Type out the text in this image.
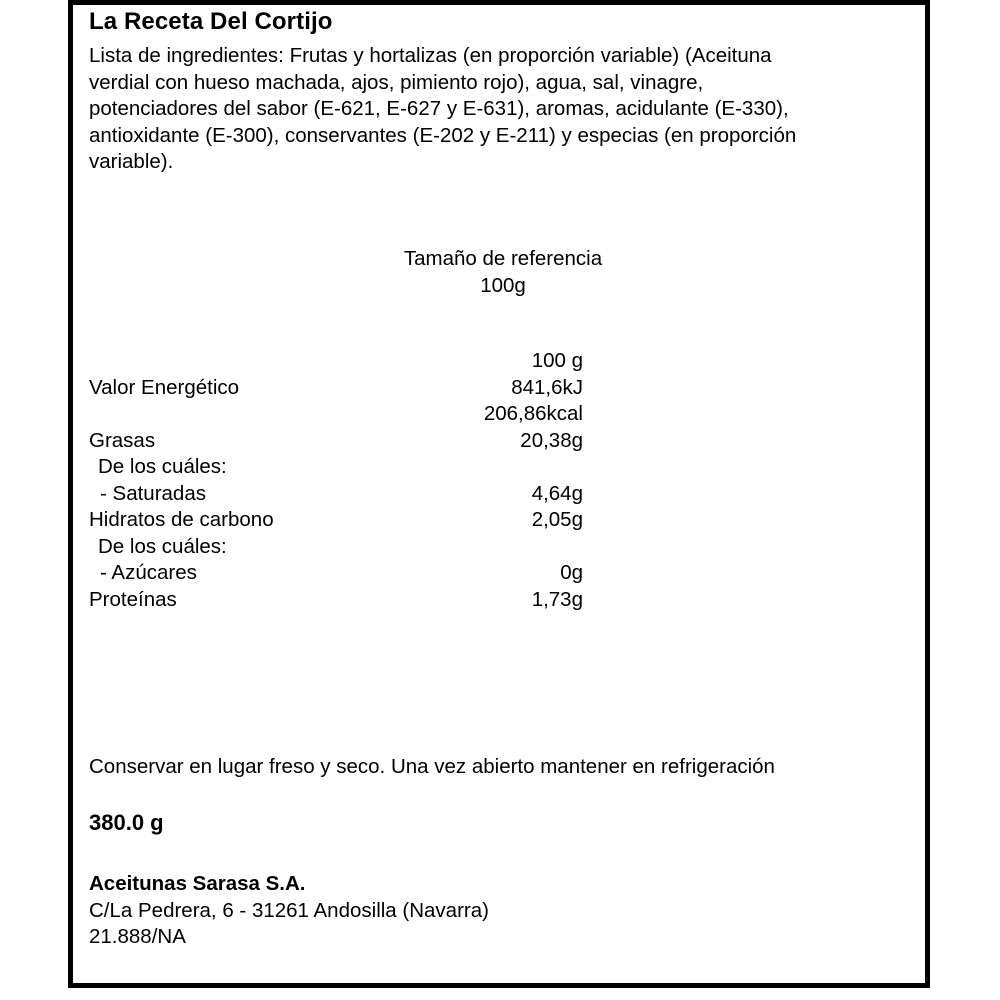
La Receta Del Cortijo
Lista de ingredientes: Frutas y hortalizas (en proporción variable) (Aceituna
verdial con hueso machada, ajos, pimiento rojo), agua, sal, vinagre,
potenciadores del sabor (E-621, E-627 y E-631), aromas, acidulante (E-330),
antioxidante (E-300), conservantes (E-202 y E-211) y especias (en proporción
variable).
Tamaño de referencia
100g
100 g
Valor Energético	841,6kJ
206,86kcal
Grasas	20,38g
De los cuáles:
- Saturadas	4,64g
Hidratos de carbono	2,05g
De los cuáles:
- Azúcares	0g
Proteínas	1,73g
Conservar en lugar freso y seco. Una vez abierto mantener en refrigeración
380.0 g
Aceitunas Sarasa S.A.
C/La Pedrera, 6 - 31261 Andosilla (Navarra)
21.888/NA
